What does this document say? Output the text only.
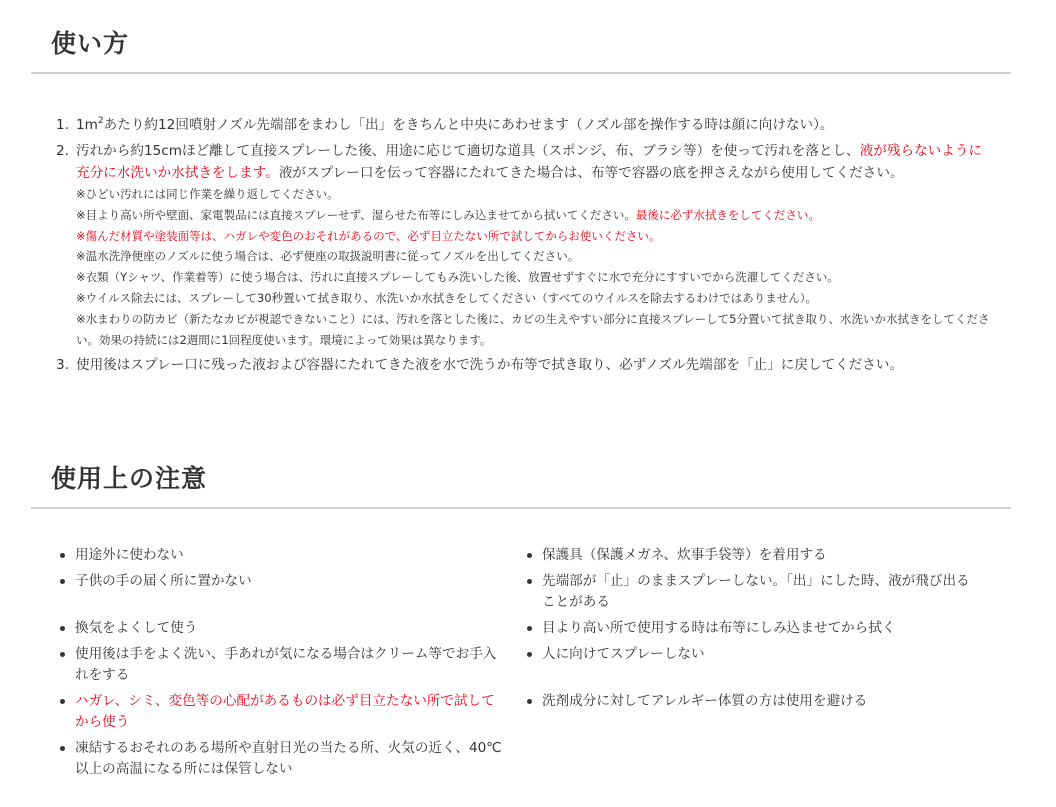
使い方
1. $1m^2$あたり約12回噴射ノズル先端部をまわし「出」をきちんと中央にあわせます（ノズル部を操作する時は顔に向けない）。
2. 汚れから約15cmほど離して直接スプレーした後、用途に応じて適切な道具（スポンジ、布、ブラシ等）を使って汚れを落とし、液が残らないように充分に水洗いか水拭きをします。液がスプレー口を伝って容器にたれてきた場合は、布等で容器の底を押さえながら使用してください。
※ひどい汚れには同じ作業を繰り返してください。
※目より高い所や壁面、家電製品には直接スプレーせず、湿らせた布等にしみ込ませてから拭いてください。最後に必ず水拭きをしてください。
※傷んだ材質や塗装面等は、ハガレや変色のおそれがあるので、必ず目立たない所で試してからお使いください。
※温水洗浄便座のノズルに使う場合は、必ず便座の取扱説明書に従ってノズルを出してください。
※衣類（Yシャツ、作業着等）に使う場合は、汚れに直接スプレーしてもみ洗いした後、放置せずすぐに水で充分にすすいでから洗濯してください。
※ウイルス除去には、スプレーして30秒置いて拭き取り、水洗いか水拭きをしてください（すべてのウイルスを除去するわけではありません）。
※水まわりの防カビ（新たなカビが視認できないこと）には、汚れを落とした後に、カビの生えやすい部分に直接スプレーして5分置いて拭き取り、水洗いか水拭きをしてください。効果の持続には2週間に1回程度使います。環境によって効果は異なります。
3. 使用後はスプレー口に残った液および容器にたれてきた液を水で洗うか布等で拭き取り、必ずノズル先端部を「止」に戻してください。
使用上の注意
用途外に使わない
子供の手の届く所に置かない
換気をよくして使う
使用後は手をよく洗い、手あれが気になる場合はクリーム等でお手入れをする
ハガレ、シミ、変色等の心配があるものは必ず目立たない所で試してから使う
凍結するおそれのある場所や直射日光の当たる所、火気の近く、40℃以上の高温になる所には保管しない
保護具（保護メガネ、炊事手袋等）を着用する
先端部が「止」のままスプレーしない。「出」にした時、液が飛び出ることがある
目より高い所で使用する時は布等にしみ込ませてから拭く
人に向けてスプレーしない
洗剤成分に対してアレルギー体質の方は使用を避ける
